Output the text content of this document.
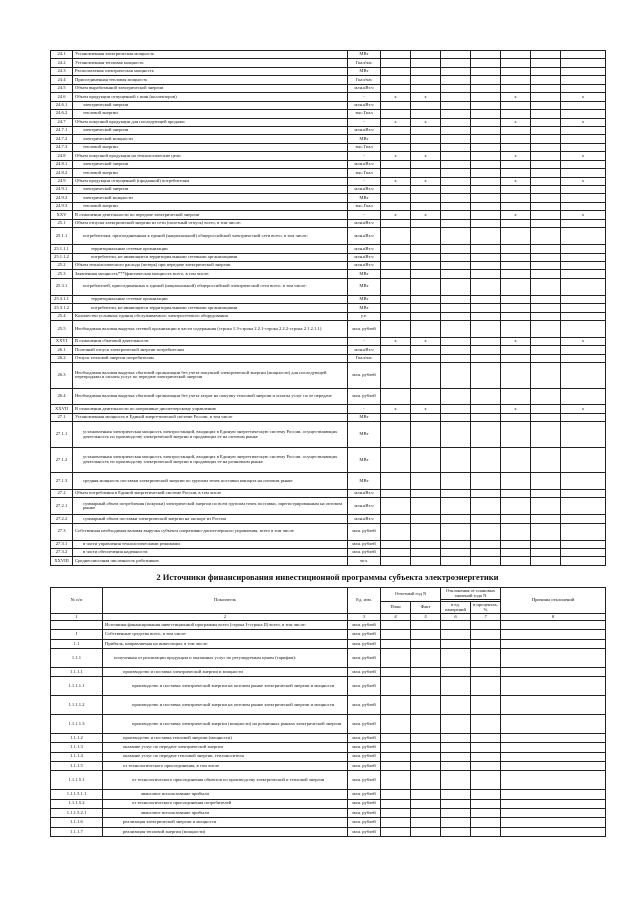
24.1	Установленная электрическая мощность	МВт							
24.2	Установленная тепловая мощность	Гкал/час							
24.3	Располагаемая электрическая мощность	МВт							
24.4	Присоединенная тепловая мощность	Гкал/час							
24.5	Объем выработанной электрической энергии	млн.кВт.ч							
24.6	Объем продукции отпущенной с шин (коллекторов)	-	x	x			x		x
24.6.1	электрической энергии	млн.кВт.ч							
24.6.2	тепловой энергии	тыс.Гкал							
24.7	Объем покупной продукции для последующей продажи	-	x	x			x		x
24.7.1	электрической энергии	млн.кВт.ч							
24.7.2	электрической мощности	МВт							
24.7.3	тепловой энергии	тыс.Гкал							
24.8	Объем покупной продукции на технологические цели	-	x	x			x		x
24.8.1	электрической энергии	млн.кВт.ч							
24.8.2	тепловой энергии	тыс.Гкал							
24.9	Объем продукции отпущенной (проданной) потребителям	-	x	x			x		x
24.9.1	электрической энергии	млн.кВт.ч							
24.9.2	электрической мощности	МВт							
24.9.3	тепловой энергии	тыс.Гкал							
XXV	В отношении деятельности по передаче электрической энергии	-	x	x			x		x
25.1	Объем отпуска электрической энергии из сети (полезный отпуск) всего, в том числе:	млн.кВт.ч							
25.1.1	потребителям, присоединенным к единой (национальной) общероссийской электрической сети всего, в том числе:	млн.кВт.ч							
25.1.1.1	территориальные сетевые организации	млн.кВт.ч							
25.1.1.2	потребители, не являющиеся территориальными сетевыми организациями	млн.кВт.ч							
25.2	Объем технологического расхода (потерь) при передаче электрической энергии	млн.кВт.ч							
25.3	Заявленная мощность***(фактическая мощность всего, в том числе:	МВт							
25.3.1	потребителей, присоединенных к единой (национальной) общероссийской электрической сети всего, в том числе:	МВт							
25.3.1.1	территориальные сетевые организации	МВт							
25.3.1.2	потребители, не являющиеся территориальными сетевыми организациями	МВт							
25.4	Количество условных единиц обслуживаемого электросетевого оборудования	у.е.							
25.5	Необходимая валовая выручка сетевой организации в части содержания (строка 1.3-строка 2.2.1-строка 2.2.2-строка 2.1.2.1.1)	млн. рублей							
XXVI	В отношении сбытовой деятельности	-	x	x			x		x
26.1	Полезный отпуск электрической энергии потребителям	млн.кВт.ч							
26.2	Отпуск тепловой энергии потребителям	Гкал/час							
26.3	Необходимая валовая выручка сбытовой организации без учета покупной электрической энергии (мощности) для последующей перепродажи и оплаты услуг по передаче электрической энергии	млн. рублей							
26.4	Необходимая валовая выручка сбытовой организации без учета затрат на покупку тепловой энергии и оплаты услуг по ее передаче	млн. рублей							
XXVII	В отношении деятельности по оперативно-диспетчерскому управлению	-	x	x			x		x
27.1	Установленная мощность в Единой энергетической системе России, в том числе	МВт							
27.1.1	установленная электрическая мощность электростанций, входящих в Единую энергетическую систему России, осуществляющих деятельность по производству электрической энергии и продающих ее на оптовом рынке	МВт							
27.1.2	установленная электрическая мощность электростанций, входящих в Единую энергетическую систему России, осуществляющих деятельность по производству электрической энергии и продающих ее на розничном рынке	МВт							
27.1.3	средняя мощность поставки электрической энергии по группам точек поставки импорта на оптовом рынке	МВт							
27.2	Объем потребления в Единой энергетической системе России, в том числе	млн.кВт.ч							
27.2.1	суммарный объем потребления (покупки) электрической энергии по всем группам точек поставки, зарегистрированным на оптовом рынке	млн.кВт.ч							
27.2.2	суммарный объем поставки электрической энергии на экспорт из России	млн.кВт.ч							
27.3	Собственная необходимая валовая выручка субъекта оперативно-диспетчерского управления, всего в том числе	млн. рублей							
27.3.1	в части управления технологическими режимами	млн. рублей							
27.3.2	в части обеспечения надежности	млн. рублей							
XXVIII	Среднесписочная численность работников	чел.							
2 Источники финансирования инвестиционной программы субъекта электроэнергетики
№ п/п	Показатель	Ед. изм.	Отчетный год N		Отклонения от плановых значений года N		Причины отклонений

			План	Факт	в ед. измерений	в процентах, %	
1	2	3	4	5	6	7	8
	Источники финансирования инвестиционной программы всего (строка I+строка II) всего, в том числе:	млн. рублей					
I	Собственные средства всего, в том числе:	млн. рублей					
1.1	Прибыль, направляемая на инвестиции, в том числе:	млн. рублей					
1.1.1	полученная от реализации продукции и оказанных услуг по регулируемым ценам (тарифам):	млн. рублей					
1.1.1.1	производство и поставка электрической энергии и мощности	млн. рублей					
1.1.1.1.1	производство и поставка электрической энергии на оптовом рынке электрической энергии и мощности	млн. рублей					
1.1.1.1.2	производство и поставка электрической энергии на оптовом рынке электрической энергии и мощности	млн. рублей					
1.1.1.1.3	производство и поставка электрической энергии (мощности) на розничных рынках электрической энергии	млн. рублей					
1.1.1.2	производство и поставка тепловой энергии (мощности)	млн. рублей					
1.1.1.3	оказание услуг по передаче электрической энергии	млн. рублей					
1.1.1.4	оказание услуг по передаче тепловой энергии, теплоносителя	млн. рублей					
1.1.1.5	от технологического присоединения, в том числе	млн. рублей					
1.1.1.5.1	от технологического присоединения объектов по производству электрической и тепловой энергии	млн. рублей					
1.1.1.5.1.1	авансовое использование прибыли	млн. рублей					
1.1.1.5.2	от технологического присоединения потребителей	млн. рублей					
1.1.1.5.2.1	авансовое использование прибыли	млн. рублей					
1.1.1.6	реализация электрической энергии и мощности	млн. рублей					
1.1.1.7	реализация тепловой энергии (мощности)	млн. рублей					
